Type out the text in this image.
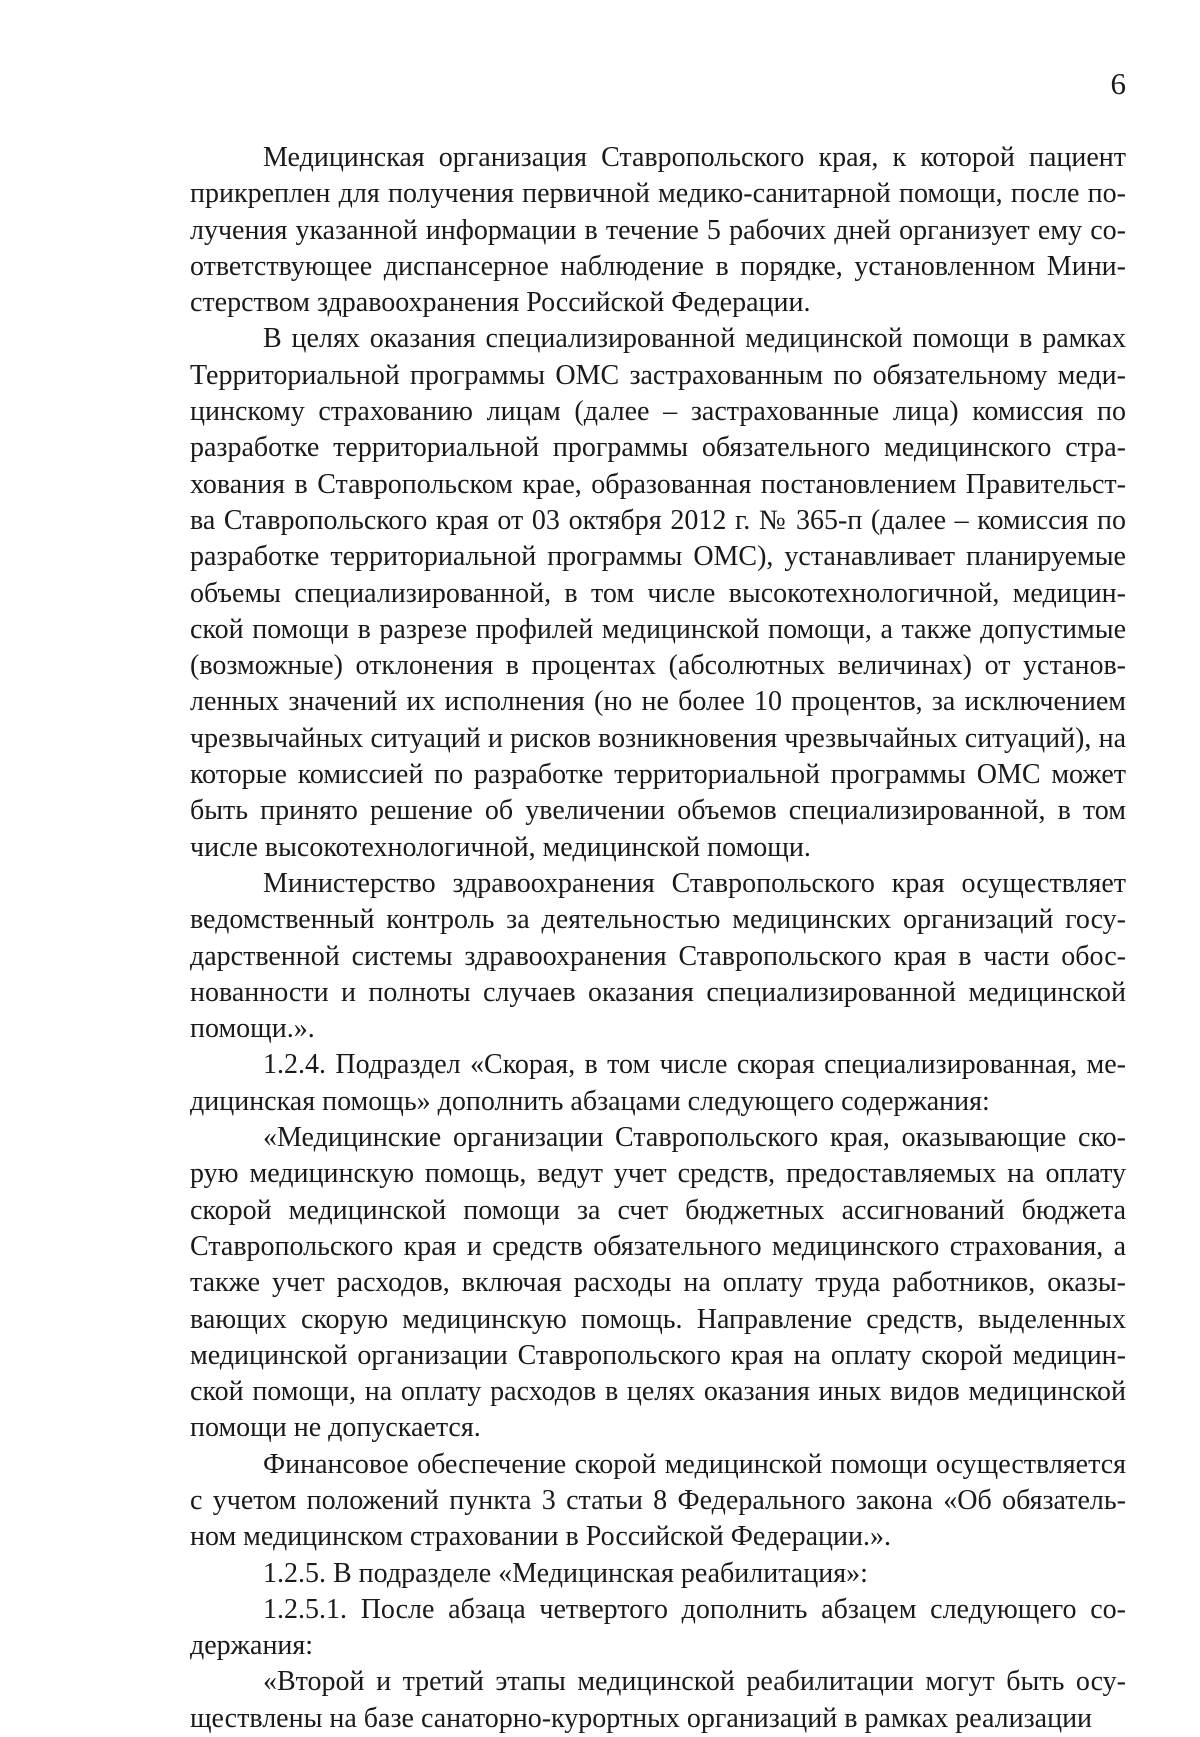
6

Медицинская организация Ставропольского края, к которой пациент прикреплен для получения первичной медико-санитарной помощи, после получения указанной информации в течение 5 рабочих дней организует ему соответствующее диспансерное наблюдение в порядке, установленном Министерством здравоохранения Российской Федерации.

В целях оказания специализированной медицинской помощи в рамках Территориальной программы ОМС застрахованным по обязательному медицинскому страхованию лицам (далее – застрахованные лица) комиссия по разработке территориальной программы обязательного медицинского страхования в Ставропольском крае, образованная постановлением Правительства Ставропольского края от 03 октября 2012 г. № 365-п (далее – комиссия по разработке территориальной программы ОМС), устанавливает планируемые объемы специализированной, в том числе высокотехнологичной, медицинской помощи в разрезе профилей медицинской помощи, а также допустимые (возможные) отклонения в процентах (абсолютных величинах) от установленных значений их исполнения (но не более 10 процентов, за исключением чрезвычайных ситуаций и рисков возникновения чрезвычайных ситуаций), на которые комиссией по разработке территориальной программы ОМС может быть принято решение об увеличении объемов специализированной, в том числе высокотехнологичной, медицинской помощи.

Министерство здравоохранения Ставропольского края осуществляет ведомственный контроль за деятельностью медицинских организаций государственной системы здравоохранения Ставропольского края в части обоснованности и полноты случаев оказания специализированной медицинской помощи.».

1.2.4. Подраздел «Скорая, в том числе скорая специализированная, медицинская помощь» дополнить абзацами следующего содержания:

«Медицинские организации Ставропольского края, оказывающие скорую медицинскую помощь, ведут учет средств, предоставляемых на оплату скорой медицинской помощи за счет бюджетных ассигнований бюджета Ставропольского края и средств обязательного медицинского страхования, а также учет расходов, включая расходы на оплату труда работников, оказывающих скорую медицинскую помощь. Направление средств, выделенных медицинской организации Ставропольского края на оплату скорой медицинской помощи, на оплату расходов в целях оказания иных видов медицинской помощи не допускается.

Финансовое обеспечение скорой медицинской помощи осуществляется с учетом положений пункта 3 статьи 8 Федерального закона «Об обязательном медицинском страховании в Российской Федерации.».

1.2.5. В подразделе «Медицинская реабилитация»:

1.2.5.1. После абзаца четвертого дополнить абзацем следующего содержания:

«Второй и третий этапы медицинской реабилитации могут быть осуществлены на базе санаторно-курортных организаций в рамках реализации
